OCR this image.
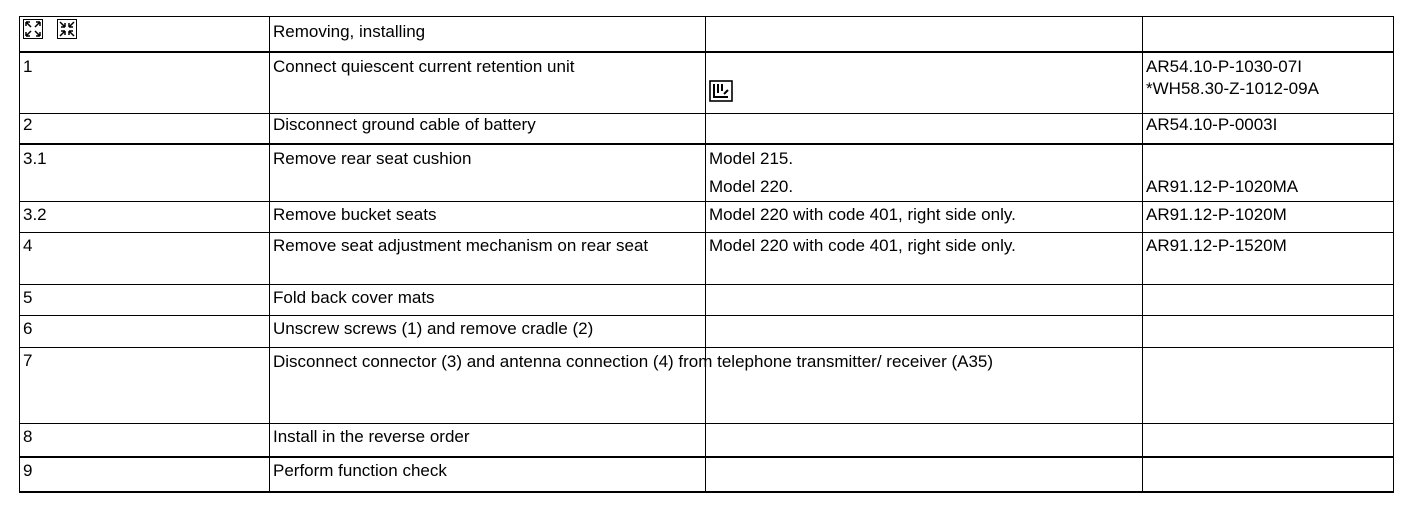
	Removing, installing		
1	Connect quiescent current retention unit		AR54.10-P-1030-07I
*WH58.30-Z-1012-09A

2	Disconnect ground cable of battery		AR54.10-P-0003I
3.1	Remove rear seat cushion	Model 215.
Model 220.	AR91.12-P-1020MA

3.2	Remove bucket seats	Model 220 with code 401, right side only.	AR91.12-P-1020M
4	Remove seat adjustment mechanism on rear seat	Model 220 with code 401, right side only.	AR91.12-P-1520M
5	Fold back cover mats		
6	Unscrew screws (1) and remove cradle (2)		
7	Disconnect connector (3) and antenna connection (4) from telephone transmitter/ receiver (A35)		
8	Install in the reverse order		
9	Perform function check		
